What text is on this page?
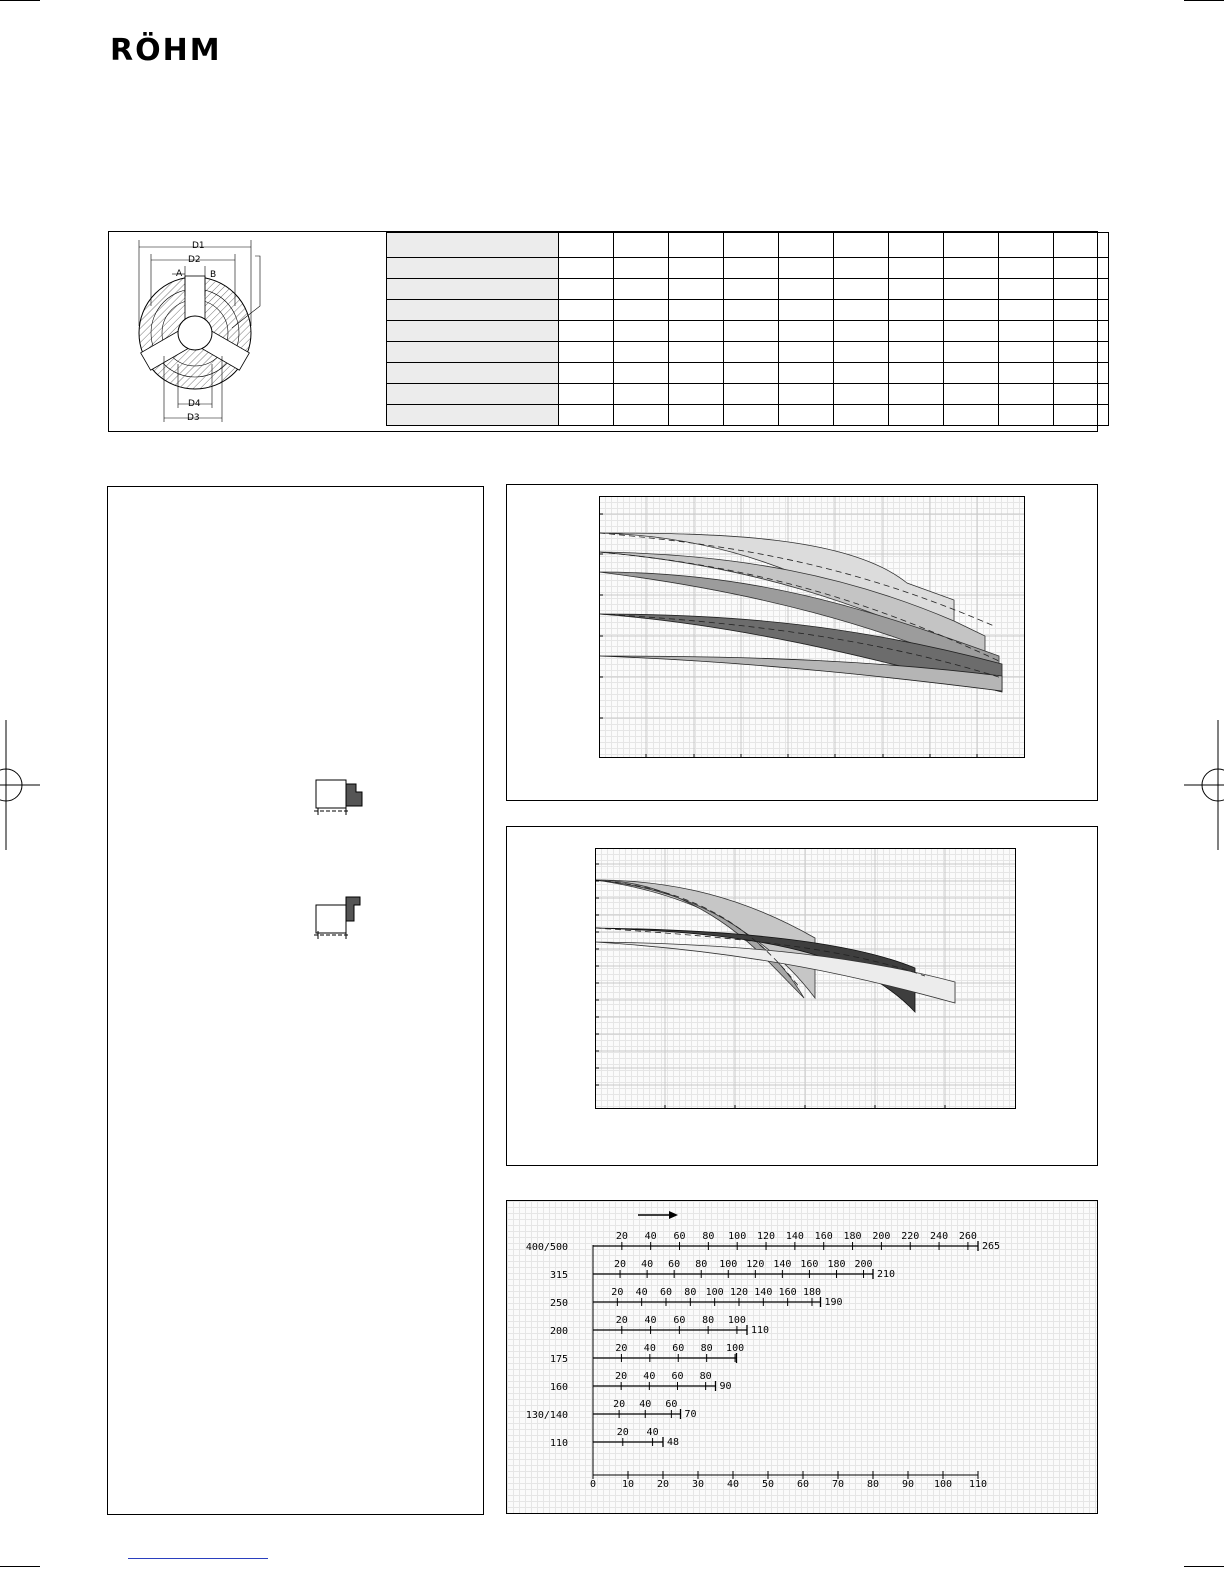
RÖHM
D1
D2
A	B
D4
D3

400/500
20 40 60 80 100 120 140 160 180 200 220 240 260
265
315
20 40 60 80 100 120 140 160 180 200
210
250
20 40 60 80 100 120 140 160 180
190
200
20 40 60 80 100
110
175
20 40 60 80 100
160
20 40 60 80
90
130/140
20 40 60
70
110
20 40
48
0	10 20 30 40 50 60 70 80 90 100 110
